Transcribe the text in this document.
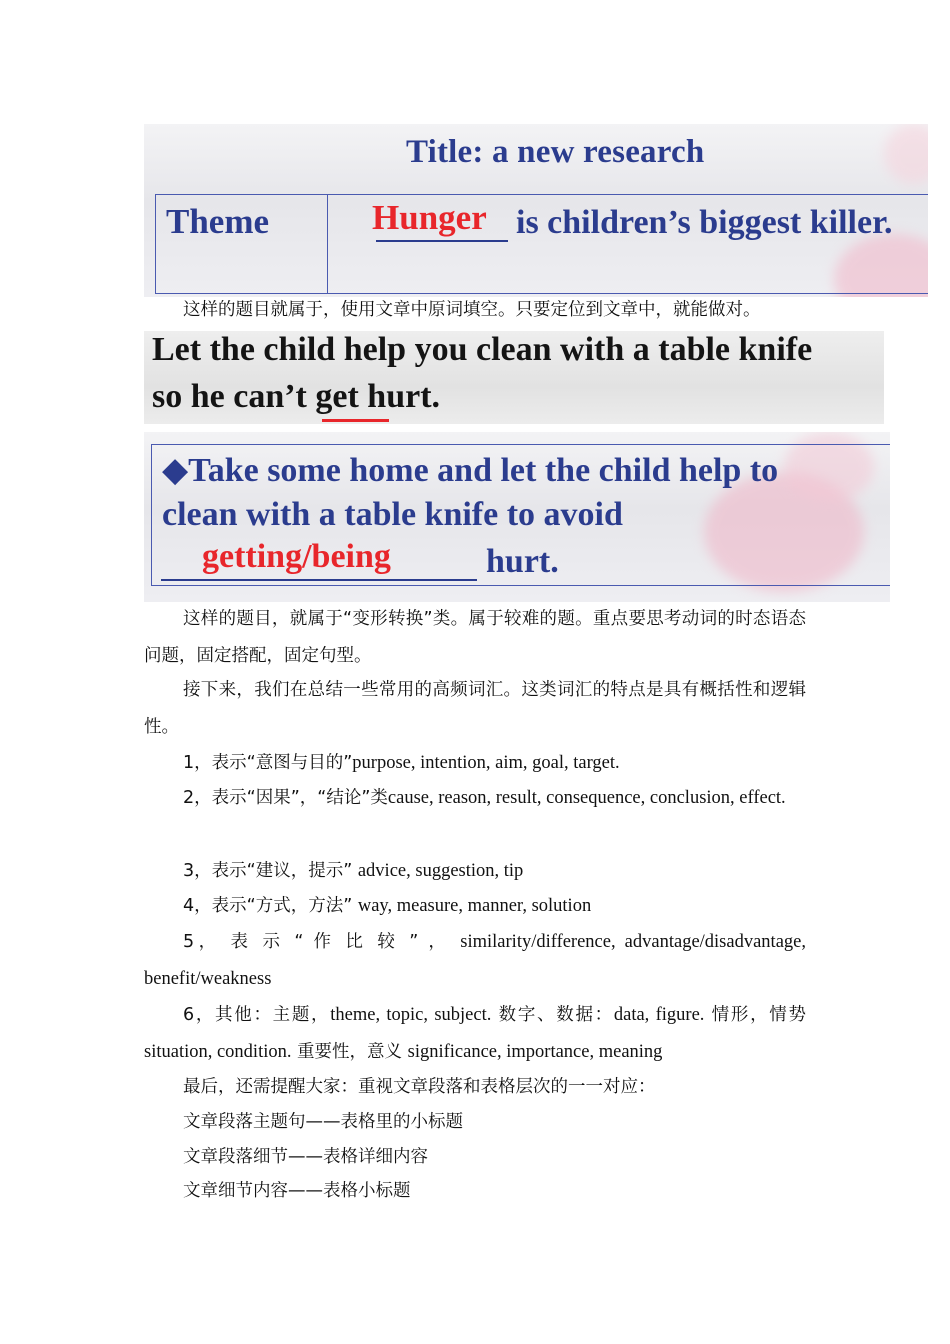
Title: a new research
Theme	Hunger is children’s biggest killer.
这样的题目就属于，使用文章中原词填空。只要定位到文章中，就能做对。
Let the child help you clean with a table knife
so he can’t get hurt.
◆Take some home and let the child help to
clean with a table knife to avoid
getting/being	hurt.
这样的题目，就属于“变形转换”类。属于较难的题。重点要思考动词的时态语态问题，固定搭配，固定句型。
接下来，我们在总结一些常用的高频词汇。这类词汇的特点是具有概括性和逻辑性。
1，表示“意图与目的”purpose, intention, aim, goal, target.
2，表示“因果”，“结论”类cause, reason, result, consequence, conclusion, effect.
3，表示“建议，提示” advice, suggestion, tip
4，表示“方式，方法” way, measure, manner, solution
5， 表 示 “ 作 比 较 ” ， similarity/difference, advantage/disadvantage, benefit/weakness
6，其他：主题，theme, topic, subject. 数字、数据：data, figure. 情形，情势 situation, condition. 重要性，意义 significance, importance, meaning
最后，还需提醒大家：重视文章段落和表格层次的一一对应：
文章段落主题句——表格里的小标题
文章段落细节——表格详细内容
文章细节内容——表格小标题
